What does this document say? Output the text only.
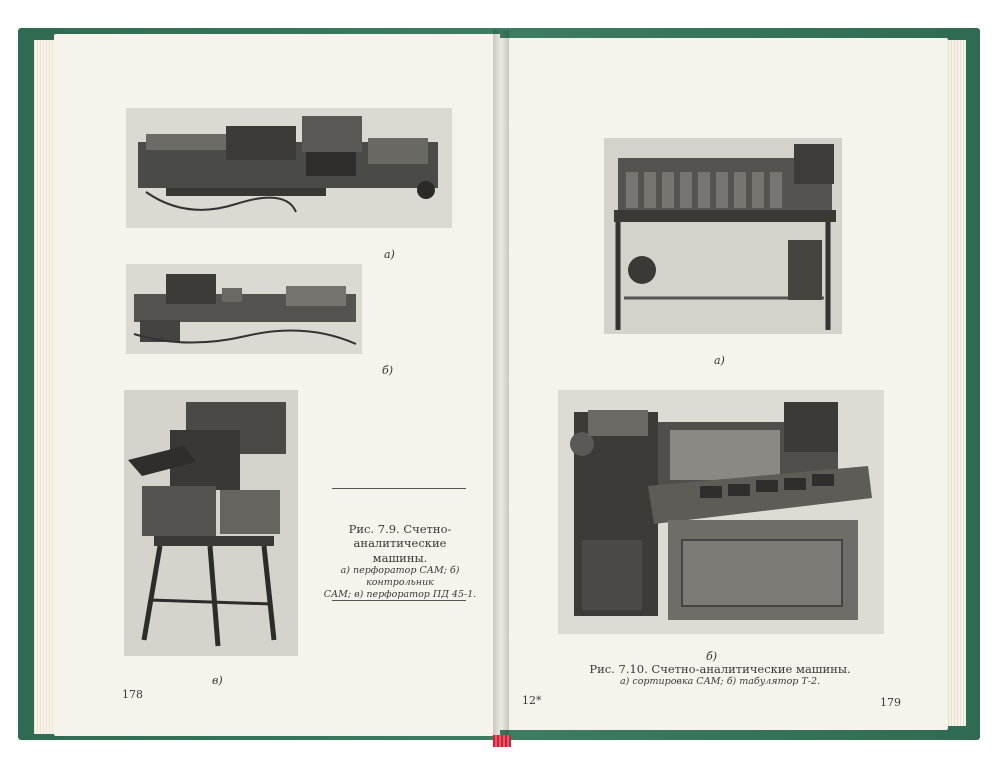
а)
б)
в)
Рис. 7.9. Счетно-аналитические
машины.
а) перфоратор САМ; б) контрольник
САМ; в) перфоратор ПД 45-1.
178
а)
б)
Рис. 7.10. Счетно-аналитические машины.
а) сортировка САМ; б) табулятор Т-2.
12*	179
